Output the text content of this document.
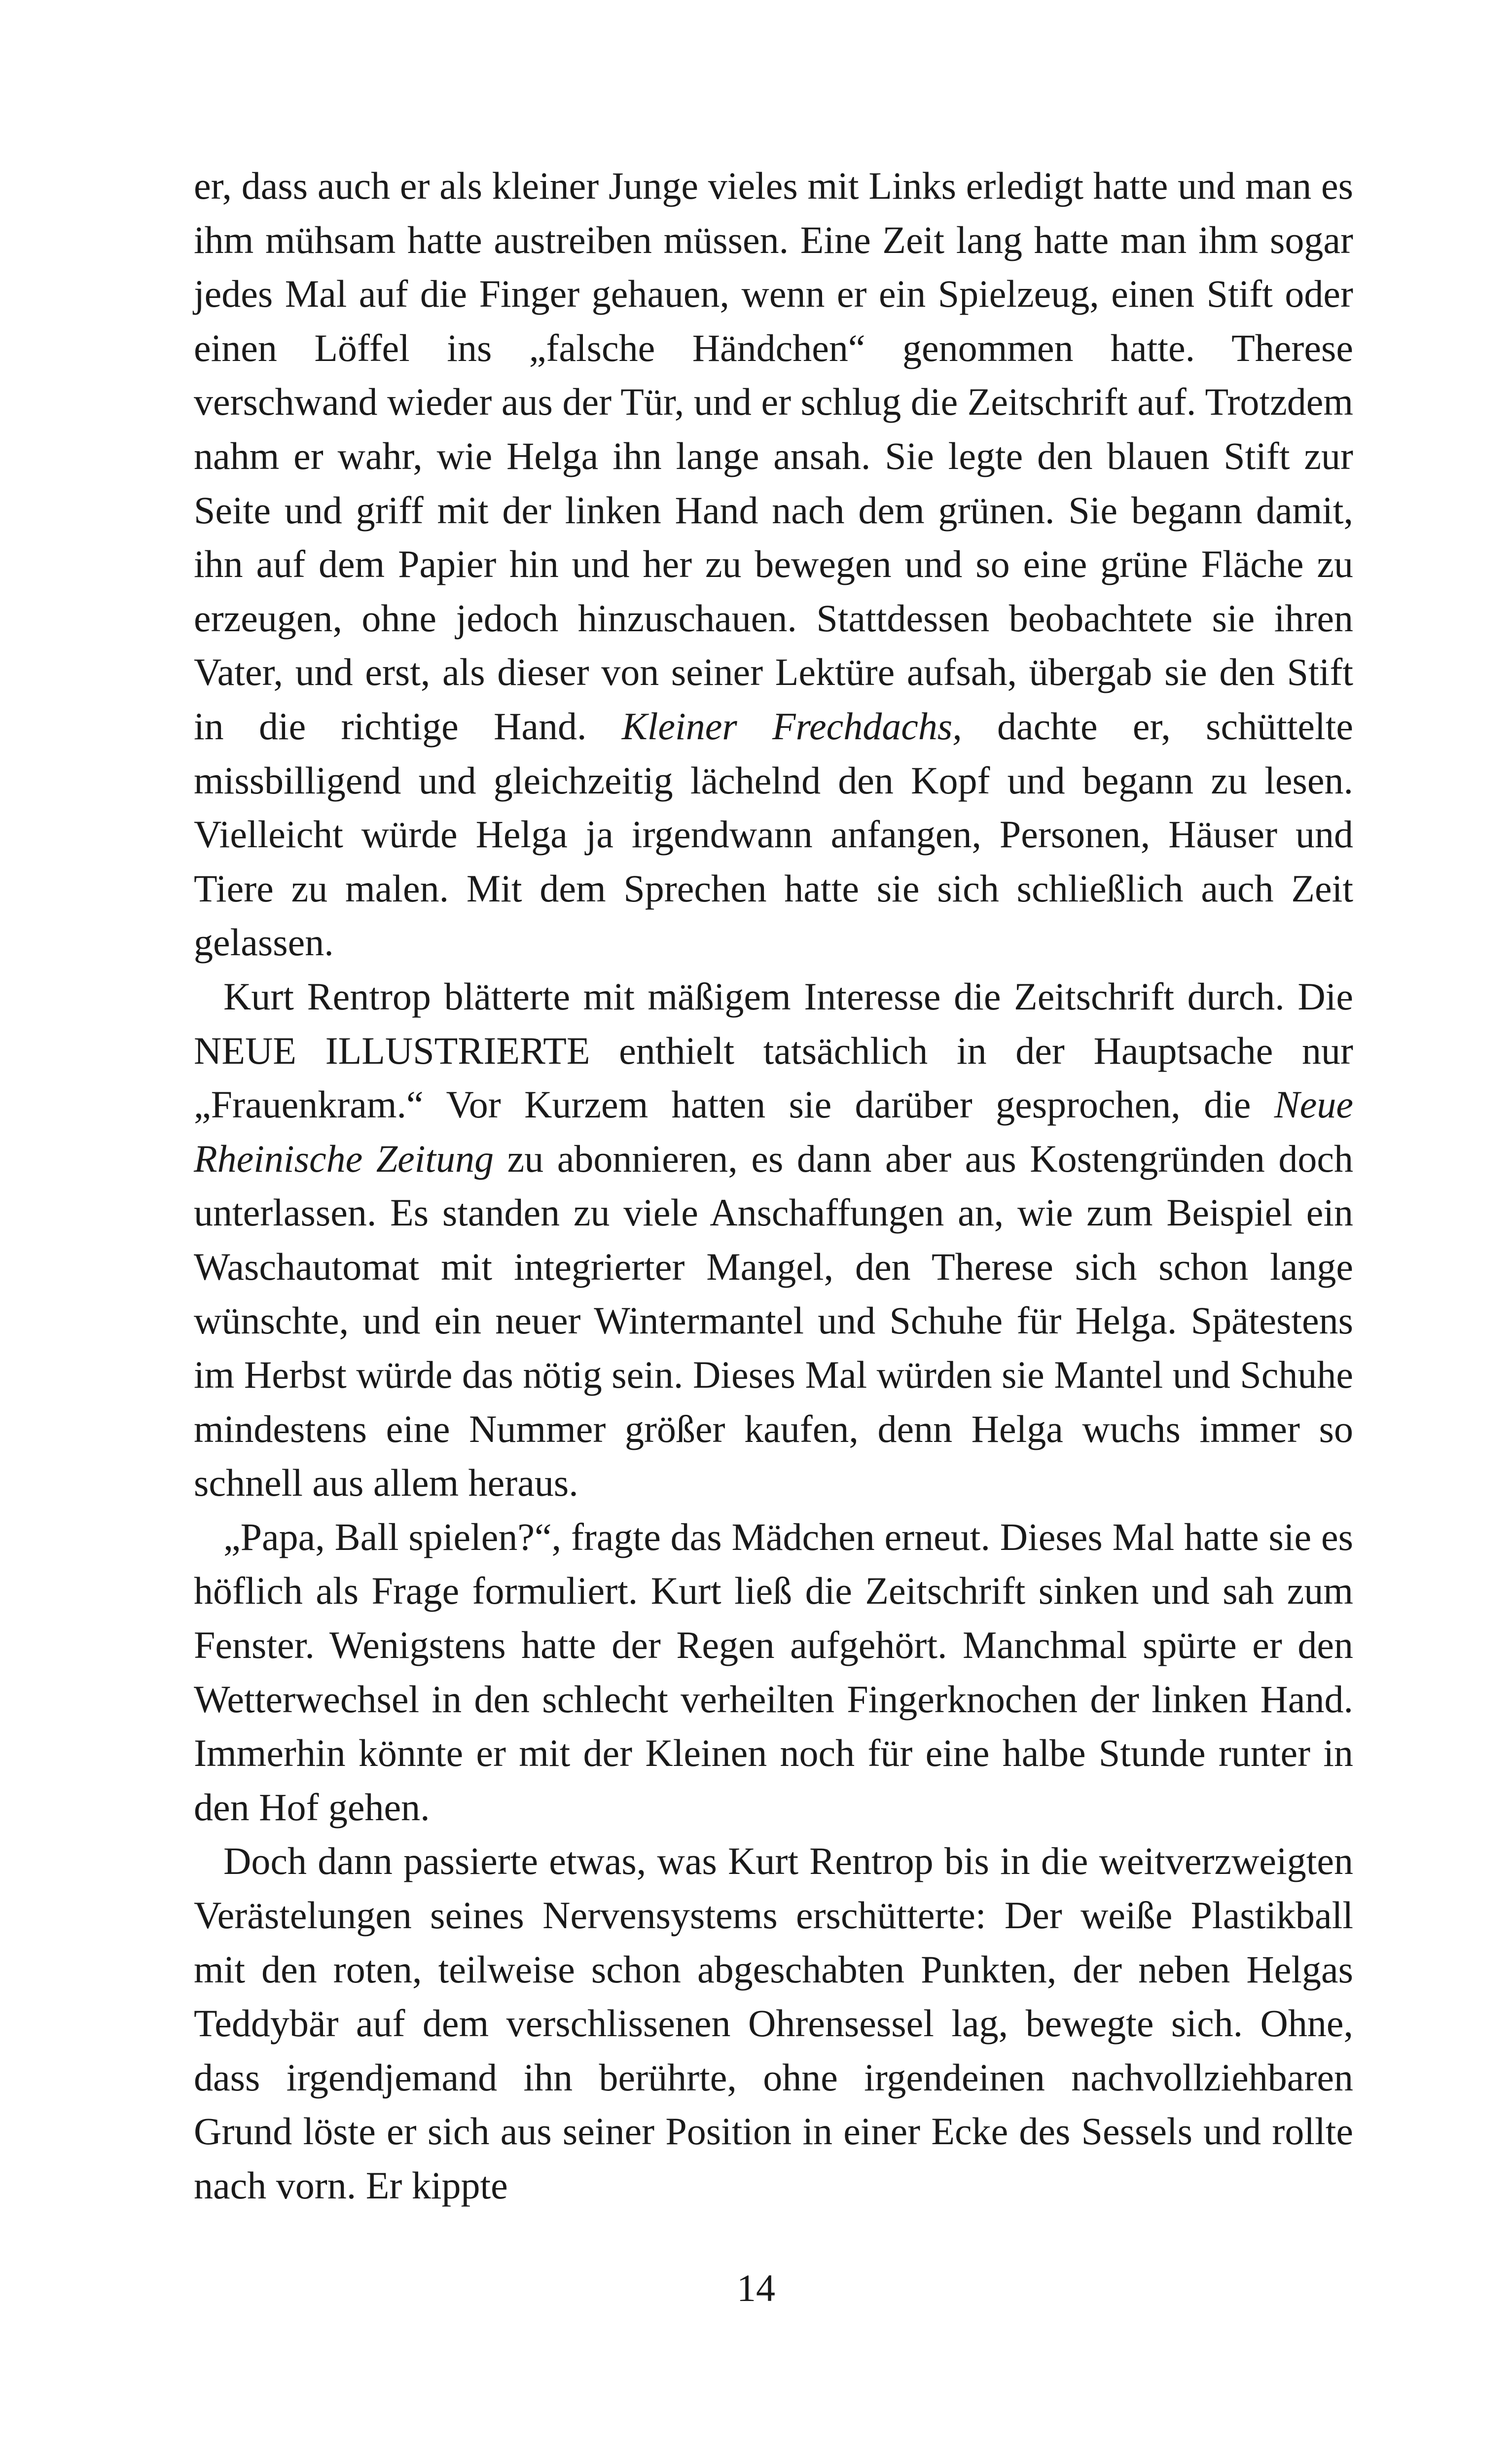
er, dass auch er als kleiner Junge vieles mit Links erledigt hatte und man es ihm mühsam hatte austreiben müssen. Eine Zeit lang hatte man ihm sogar jedes Mal auf die Finger gehauen, wenn er ein Spielzeug, einen Stift oder einen Löffel ins „falsche Händchen“ genommen hatte. Therese verschwand wieder aus der Tür, und er schlug die Zeitschrift auf. Trotzdem nahm er wahr, wie Helga ihn lange ansah. Sie legte den blauen Stift zur Seite und griff mit der linken Hand nach dem grünen. Sie begann damit, ihn auf dem Papier hin und her zu bewegen und so eine grüne Fläche zu erzeugen, ohne jedoch hinzuschauen. Stattdessen beobachtete sie ihren Vater, und erst, als dieser von seiner Lektüre aufsah, übergab sie den Stift in die richtige Hand. Kleiner Frechdachs, dachte er, schüttelte missbilligend und gleichzeitig lächelnd den Kopf und begann zu lesen. Vielleicht würde Helga ja irgendwann anfangen, Personen, Häuser und Tiere zu malen. Mit dem Sprechen hatte sie sich schließlich auch Zeit gelassen.

Kurt Rentrop blätterte mit mäßigem Interesse die Zeitschrift durch. Die NEUE ILLUSTRIERTE enthielt tatsächlich in der Hauptsache nur „Frauenkram.“ Vor Kurzem hatten sie darüber gesprochen, die Neue Rheinische Zeitung zu abonnieren, es dann aber aus Kostengründen doch unterlassen. Es standen zu viele Anschaffungen an, wie zum Beispiel ein Waschautomat mit integrierter Mangel, den Therese sich schon lange wünschte, und ein neuer Wintermantel und Schuhe für Helga. Spätestens im Herbst würde das nötig sein. Dieses Mal würden sie Mantel und Schuhe mindestens eine Nummer größer kaufen, denn Helga wuchs immer so schnell aus allem heraus.

„Papa, Ball spielen?“, fragte das Mädchen erneut. Dieses Mal hatte sie es höflich als Frage formuliert. Kurt ließ die Zeitschrift sinken und sah zum Fenster. Wenigstens hatte der Regen aufgehört. Manchmal spürte er den Wetterwechsel in den schlecht verheilten Fingerknochen der linken Hand. Immerhin könnte er mit der Kleinen noch für eine halbe Stunde runter in den Hof gehen.

Doch dann passierte etwas, was Kurt Rentrop bis in die weitverzweigten Verästelungen seines Nervensystems erschütterte: Der weiße Plastikball mit den roten, teilweise schon abgeschabten Punkten, der neben Helgas Teddybär auf dem verschlissenen Ohrensessel lag, bewegte sich. Ohne, dass irgendjemand ihn berührte, ohne irgendeinen nachvollziehbaren Grund löste er sich aus seiner Position in einer Ecke des Sessels und rollte nach vorn. Er kippte

14
